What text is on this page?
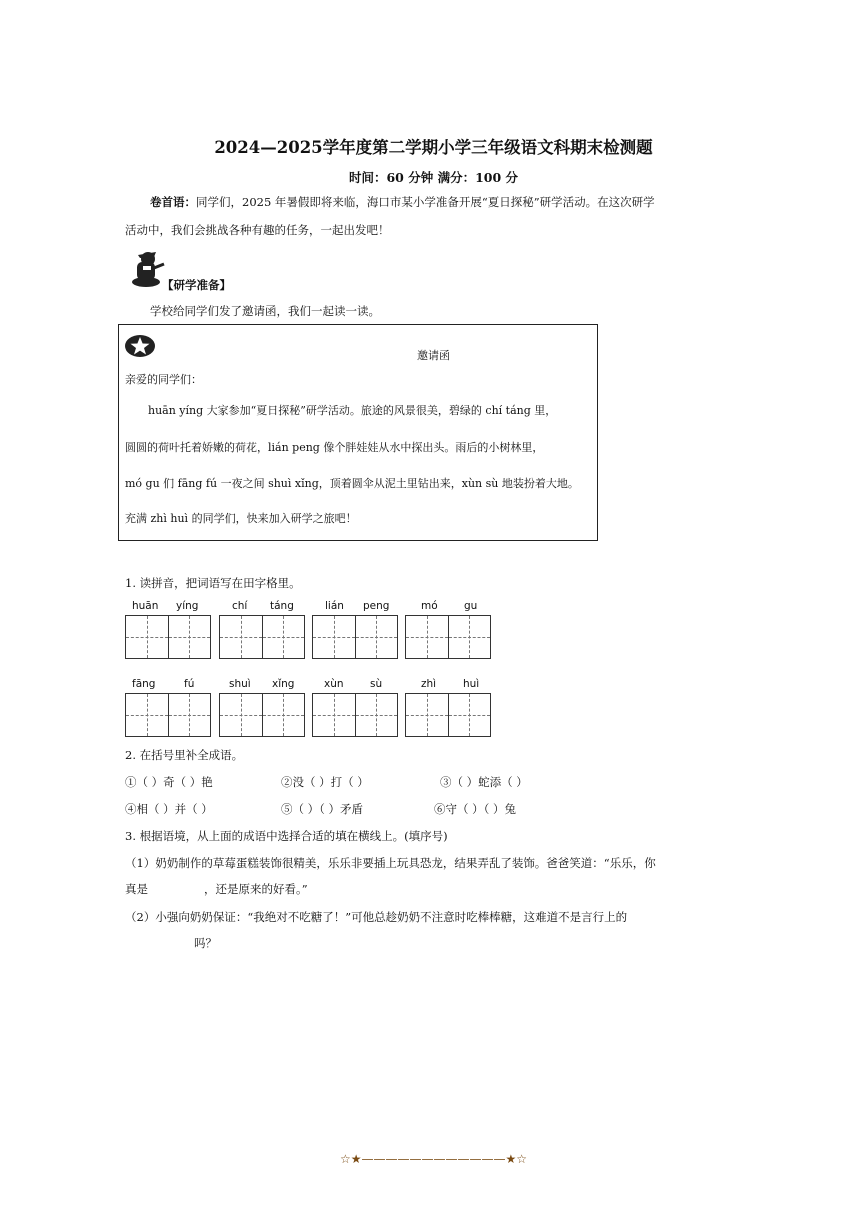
2024—2025学年度第二学期小学三年级语文科期末检测题
时间：60 分钟 满分：100 分
卷首语：同学们，2025 年暑假即将来临，海口市某小学准备开展“夏日探秘”研学活动。在这次研学
活动中，我们会挑战各种有趣的任务，一起出发吧！
【研学准备】
学校给同学们发了邀请函，我们一起读一读。
邀请函
亲爱的同学们：
huān yíng 大家参加“夏日探秘”研学活动。旅途的风景很美，碧绿的 chí táng 里，
圆圆的荷叶托着娇嫩的荷花，lián peng 像个胖娃娃从水中探出头。雨后的小树林里，
mó gu 们 fāng fú 一夜之间 shuì xǐng，顶着圆伞从泥土里钻出来，xùn sù 地装扮着大地。
充满 zhì huì 的同学们，快来加入研学之旅吧！
1. 读拼音，把词语写在田字格里。
huān yíng	chí táng	lián peng	mó	gu
fāng	fú	shuì xǐng	xùn	sù	zhì	huì
2. 在括号里补全成语。
①（ ）奇（ ）艳	②没（ ）打（ ）	③（ ）蛇添（ ）
④相（ ）并（ ）	⑤（ ）（ ）矛盾	⑥守（ ）（ ）兔
3. 根据语境，从上面的成语中选择合适的填在横线上。(填序号)
（1）奶奶制作的草莓蛋糕装饰很精美，乐乐非要插上玩具恐龙，结果弄乱了装饰。爸爸笑道：“乐乐，你
真是	，还是原来的好看。”
（2）小强向奶奶保证：“我绝对不吃糖了！”可他总趁奶奶不注意时吃棒棒糖，这难道不是言行上的
吗？
☆★————————————★☆
